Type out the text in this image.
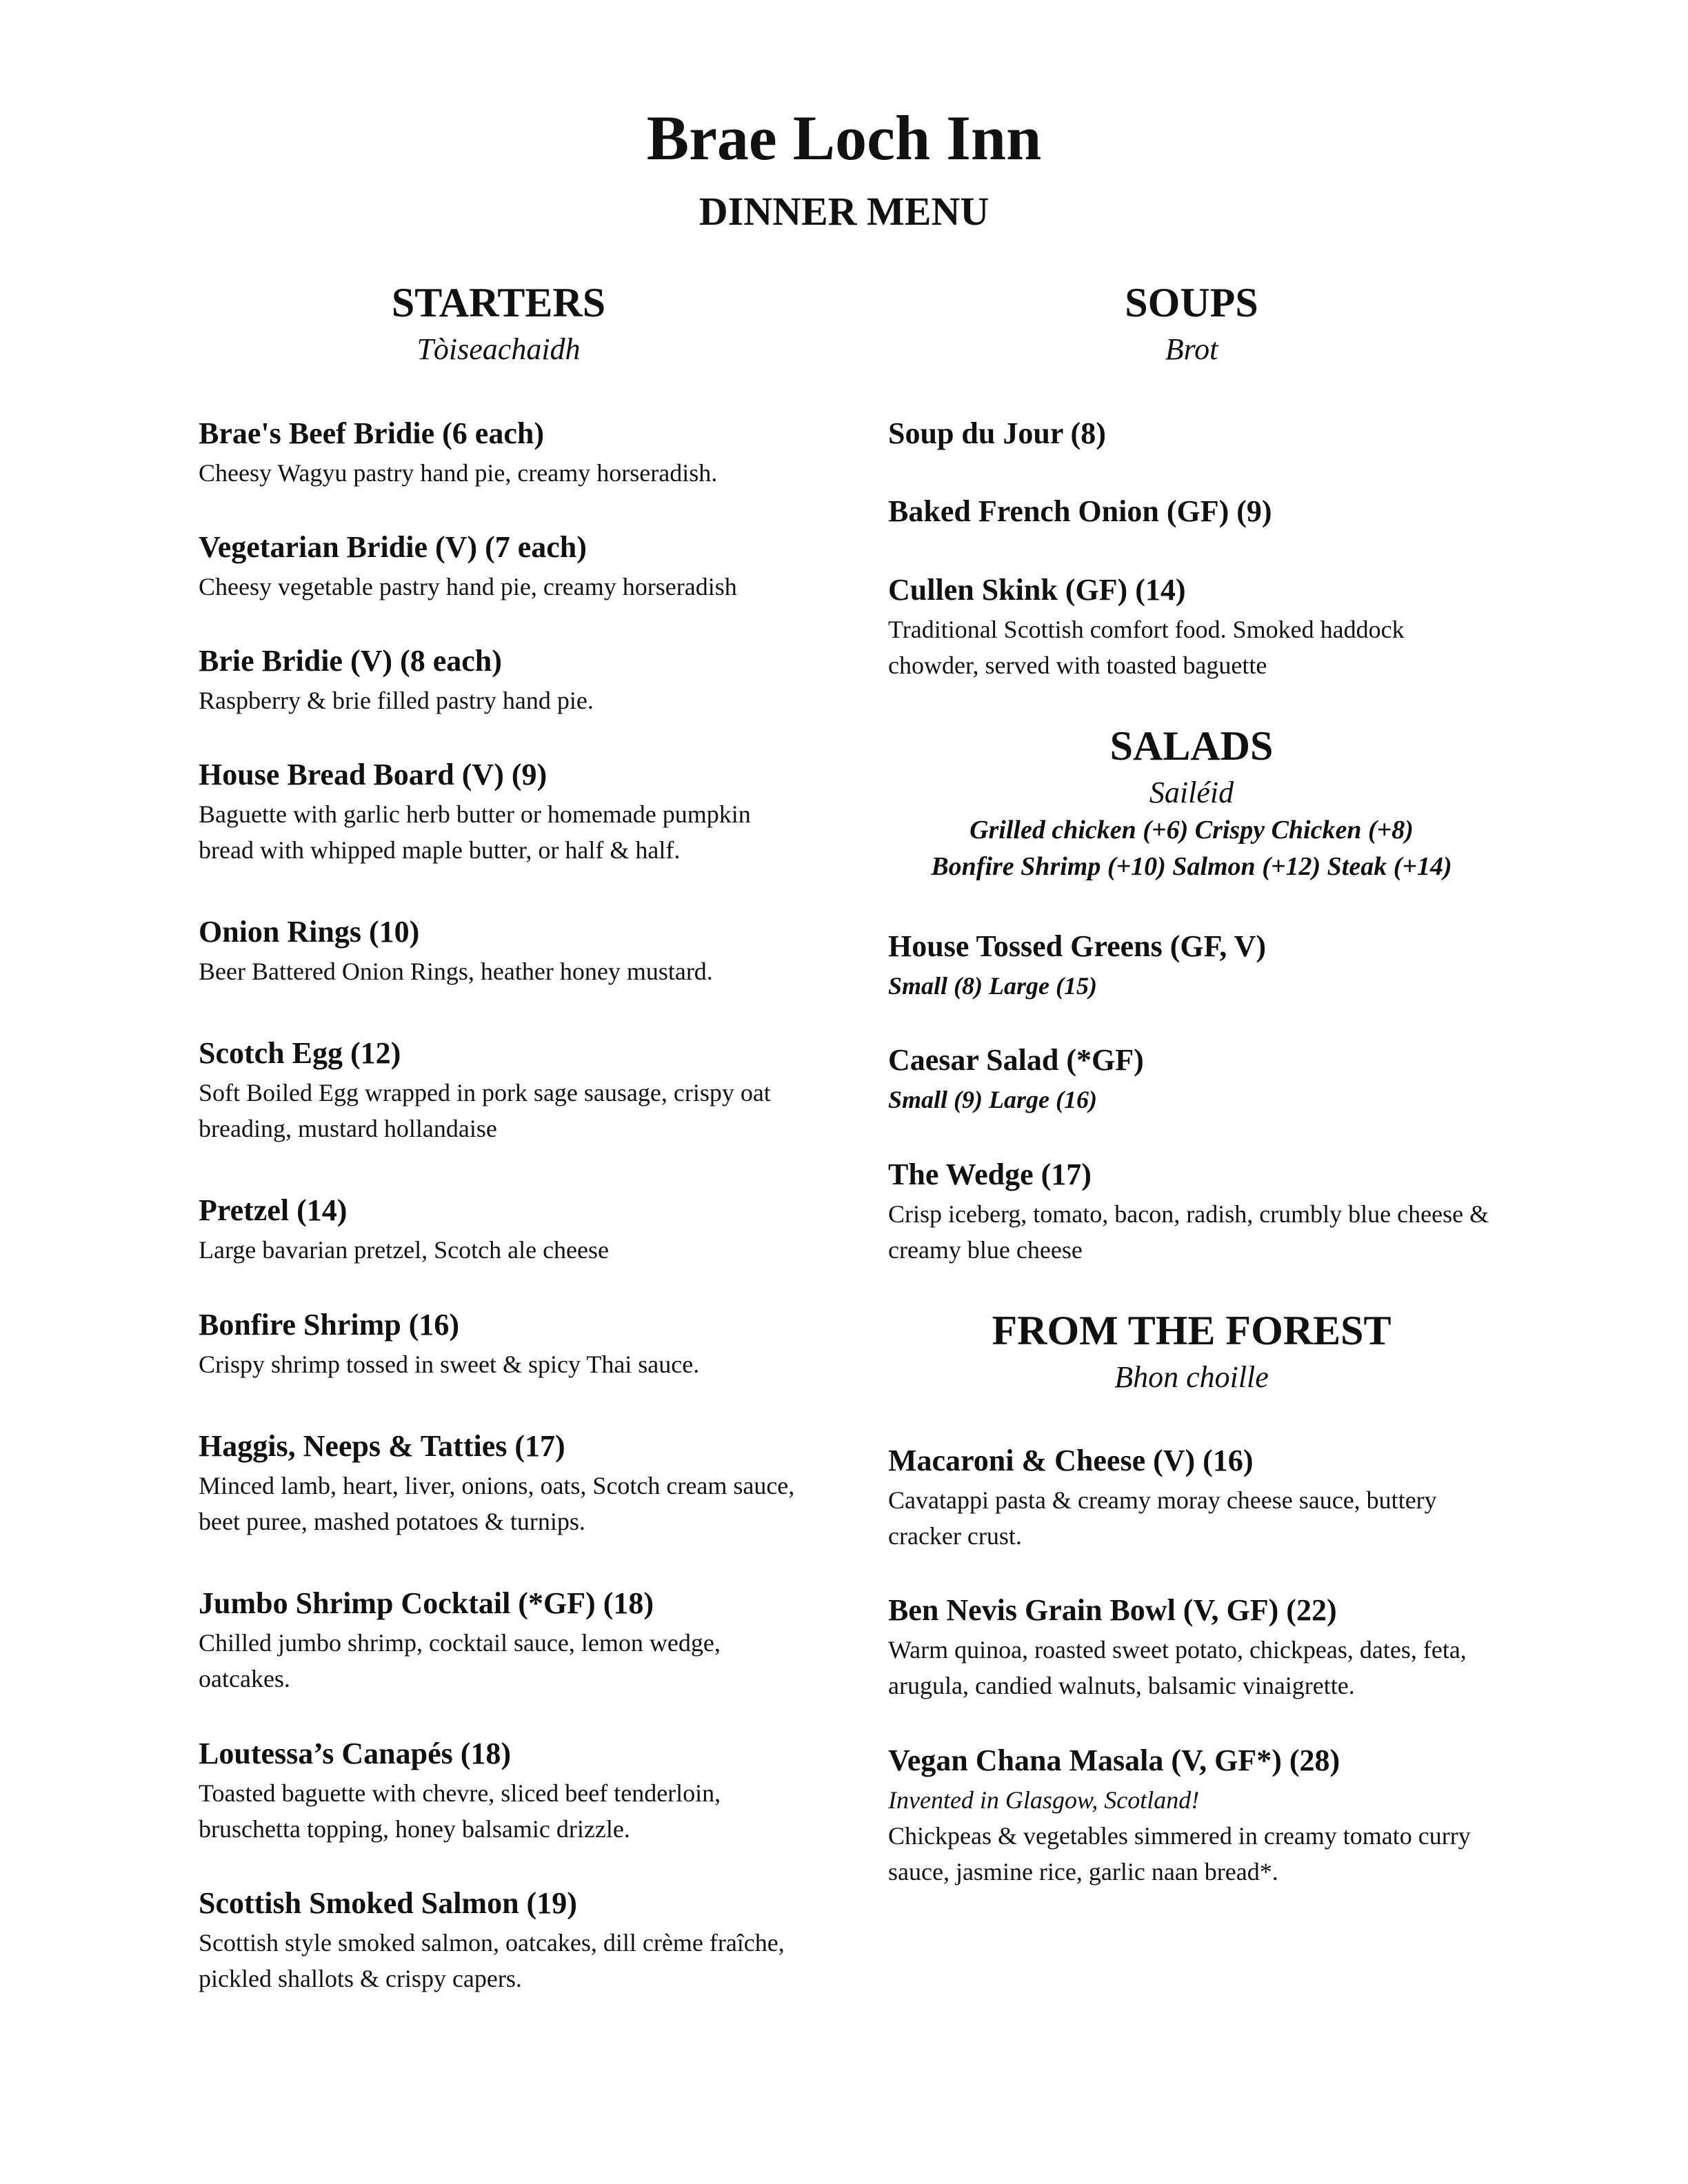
Brae Loch Inn
DINNER MENU
STARTERS
Tòiseachaidh
Brae's Beef Bridie (6 each)
Cheesy Wagyu pastry hand pie, creamy horseradish.
Vegetarian Bridie (V) (7 each)
Cheesy vegetable pastry hand pie, creamy horseradish
Brie Bridie (V) (8 each)
Raspberry & brie filled pastry hand pie.
House Bread Board (V) (9)
Baguette with garlic herb butter or homemade pumpkin bread with whipped maple butter, or half & half.
Onion Rings (10)
Beer Battered Onion Rings, heather honey mustard.
Scotch Egg (12)
Soft Boiled Egg wrapped in pork sage sausage, crispy oat breading, mustard hollandaise
Pretzel (14)
Large bavarian pretzel, Scotch ale cheese
Bonfire Shrimp (16)
Crispy shrimp tossed in sweet & spicy Thai sauce.
Haggis, Neeps & Tatties (17)
Minced lamb, heart, liver, onions, oats, Scotch cream sauce, beet puree, mashed potatoes & turnips.
Jumbo Shrimp Cocktail (*GF) (18)
Chilled jumbo shrimp, cocktail sauce, lemon wedge, oatcakes.
Loutessa’s Canapés (18)
Toasted baguette with chevre, sliced beef tenderloin, bruschetta topping, honey balsamic drizzle.
Scottish Smoked Salmon (19)
Scottish style smoked salmon, oatcakes, dill crème fraîche, pickled shallots & crispy capers.
SOUPS
Brot
Soup du Jour (8)
Baked French Onion (GF) (9)
Cullen Skink (GF) (14)
Traditional Scottish comfort food. Smoked haddock chowder, served with toasted baguette
SALADS
Sailéid
Grilled chicken (+6) Crispy Chicken (+8)
Bonfire Shrimp (+10) Salmon (+12) Steak (+14)
House Tossed Greens (GF, V)
Small (8) Large (15)
Caesar Salad (*GF)
Small (9) Large (16)
The Wedge (17)
Crisp iceberg, tomato, bacon, radish, crumbly blue cheese & creamy blue cheese
FROM THE FOREST
Bhon choille
Macaroni & Cheese (V) (16)
Cavatappi pasta & creamy moray cheese sauce, buttery cracker crust.
Ben Nevis Grain Bowl (V, GF) (22)
Warm quinoa, roasted sweet potato, chickpeas, dates, feta, arugula, candied walnuts, balsamic vinaigrette.
Vegan Chana Masala (V, GF*) (28)
Invented in Glasgow, Scotland!
Chickpeas & vegetables simmered in creamy tomato curry sauce, jasmine rice, garlic naan bread*.
